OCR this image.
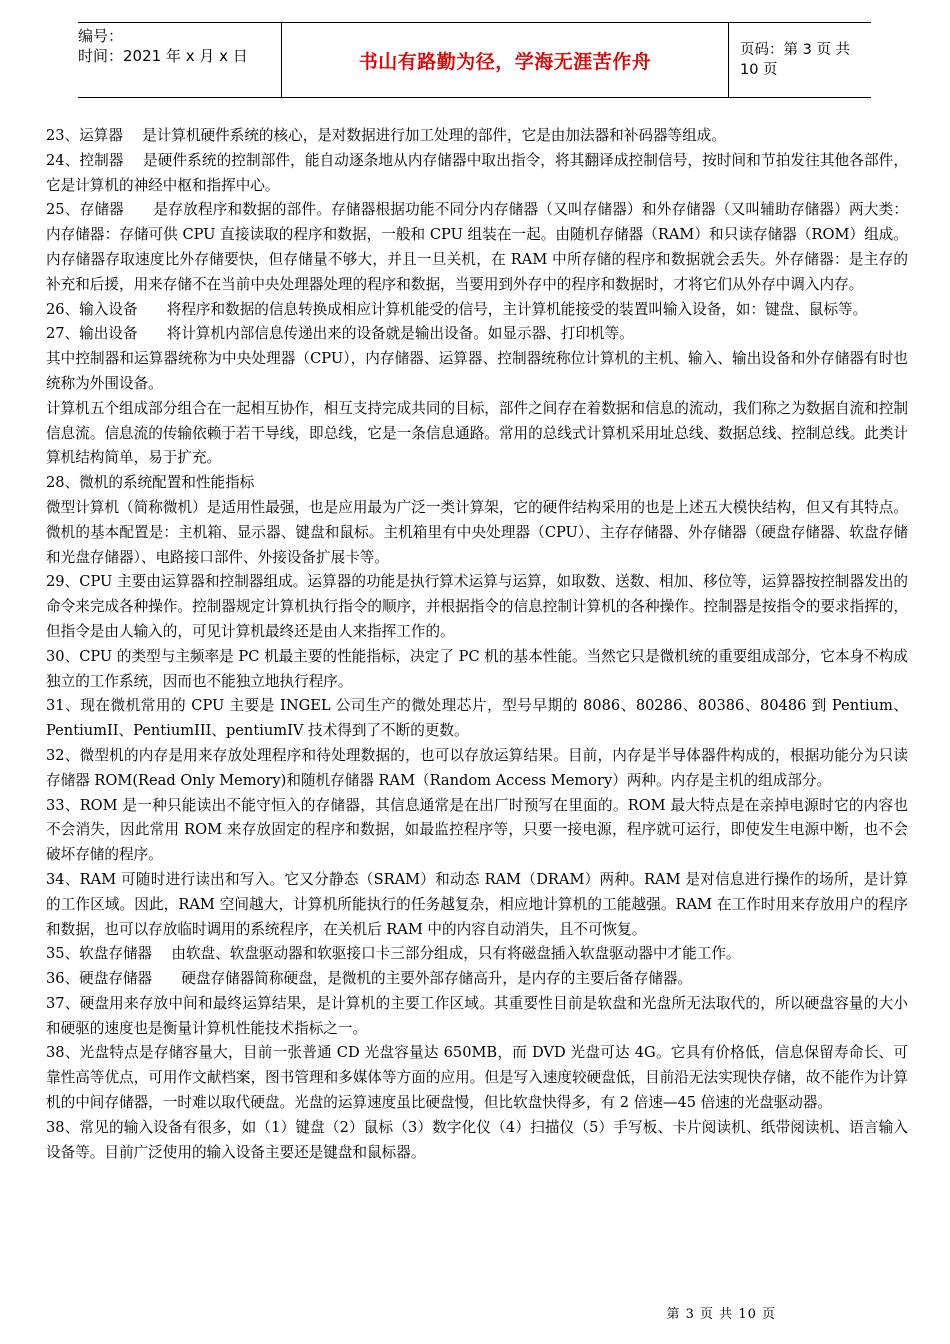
编号：
时间：2021 年 x 月 x 日	书山有路勤为径，学海无涯苦作舟
页码：第 3 页 共 10 页

23、运算器　 是计算机硬件系统的核心，是对数据进行加工处理的部件，它是由加法器和补码器等组成。

24、控制器　 是硬件系统的控制部件，能自动逐条地从内存储器中取出指令，将其翻译成控制信号，按时间和节拍发往其他各部件，它是计算机的神经中枢和指挥中心。

25、存储器　　是存放程序和数据的部件。存储器根据功能不同分内存储器（又叫存储器）和外存储器（又叫辅助存储器）两大类：内存储器：存储可供 CPU 直接读取的程序和数据，一般和 CPU 组装在一起。由随机存储器（RAM）和只读存储器（ROM）组成。内存储器存取速度比外存储要快，但存储量不够大，并且一旦关机，在 RAM 中所存储的程序和数据就会丢失。外存储器：是主存的补充和后援，用来存储不在当前中央处理器处理的程序和数据，当要用到外存中的程序和数据时，才将它们从外存中调入内存。

26、输入设备　　将程序和数据的信息转换成相应计算机能受的信号，主计算机能接受的装置叫输入设备，如：键盘、鼠标等。

27、输出设备　　将计算机内部信息传递出来的设备就是输出设备。如显示器、打印机等。

其中控制器和运算器统称为中央处理器（CPU），内存储器、运算器、控制器统称位计算机的主机、输入、输出设备和外存储器有时也统称为外围设备。

计算机五个组成部分组合在一起相互协作，相互支持完成共同的目标，部件之间存在着数据和信息的流动，我们称之为数据自流和控制信息流。信息流的传输依赖于若干导线，即总线，它是一条信息通路。常用的总线式计算机采用址总线、数据总线、控制总线。此类计算机结构简单，易于扩充。

28、微机的系统配置和性能指标

微型计算机（简称微机）是适用性最强，也是应用最为广泛一类计算架，它的硬件结构采用的也是上述五大模快结构，但又有其特点。微机的基本配置是：主机箱、显示器、键盘和鼠标。主机箱里有中央处理器（CPU）、主存存储器、外存储器（硬盘存储器、软盘存储和光盘存储器）、电路接口部件、外接设备扩展卡等。

29、CPU 主要由运算器和控制器组成。运算器的功能是执行算术运算与运算，如取数、送数、相加、移位等，运算器按控制器发出的命令来完成各种操作。控制器规定计算机执行指令的顺序，并根据指令的信息控制计算机的各种操作。控制器是按指令的要求指挥的，但指令是由人输入的，可见计算机最终还是由人来指挥工作的。

30、CPU 的类型与主频率是 PC 机最主要的性能指标，决定了 PC 机的基本性能。当然它只是微机统的重要组成部分，它本身不构成独立的工作系统，因而也不能独立地执行程序。

31、现在微机常用的 CPU 主要是 INGEL 公司生产的微处理芯片，型号早期的 8086、80286、80386、80486 到 Pentium、PentiumII、PentiumIII、pentiumIV 技术得到了不断的更数。

32、微型机的内存是用来存放处理程序和待处理数据的，也可以存放运算结果。目前，内存是半导体器件构成的，根据功能分为只读存储器 ROM(Read Only Memory)和随机存储器 RAM（Random Access Memory）两种。内存是主机的组成部分。

33、ROM 是一种只能读出不能守恒入的存储器，其信息通常是在出厂时预写在里面的。ROM 最大特点是在亲掉电源时它的内容也不会消失，因此常用 ROM 来存放固定的程序和数据，如最监控程序等，只要一接电源，程序就可运行，即使发生电源中断，也不会破坏存储的程序。

34、RAM 可随时进行读出和写入。它又分静态（SRAM）和动态 RAM（DRAM）两种。RAM 是对信息进行操作的场所，是计算的工作区域。因此，RAM 空间越大，计算机所能执行的任务越复杂，相应地计算机的工能越强。RAM 在工作时用来存放用户的程序和数据，也可以存放临时调用的系统程序，在关机后 RAM 中的内容自动消失，且不可恢复。

35、软盘存储器　 由软盘、软盘驱动器和软驱接口卡三部分组成，只有将磁盘插入软盘驱动器中才能工作。

36、硬盘存储器　　硬盘存储器简称硬盘，是微机的主要外部存储高升，是内存的主要后备存储器。

37、硬盘用来存放中间和最终运算结果，是计算机的主要工作区域。其重要性目前是软盘和光盘所无法取代的，所以硬盘容量的大小和硬驱的速度也是衡量计算机性能技术指标之一。

38、光盘特点是存储容量大，目前一张普通 CD 光盘容量达 650MB，而 DVD 光盘可达 4G。它具有价格低，信息保留寿命长、可靠性高等优点，可用作文献档案，图书管理和多媒体等方面的应用。但是写入速度较硬盘低，目前沿无法实现快存储，故不能作为计算机的中间存储器，一时难以取代硬盘。光盘的运算速度虽比硬盘慢，但比软盘快得多，有 2 倍速—45 倍速的光盘驱动器。

38、常见的输入设备有很多，如（1）键盘（2）鼠标（3）数字化仪（4）扫描仪（5）手写板、卡片阅读机、纸带阅读机、语言输入设备等。目前广泛使用的输入设备主要还是键盘和鼠标器。

第 3 页 共 10 页
